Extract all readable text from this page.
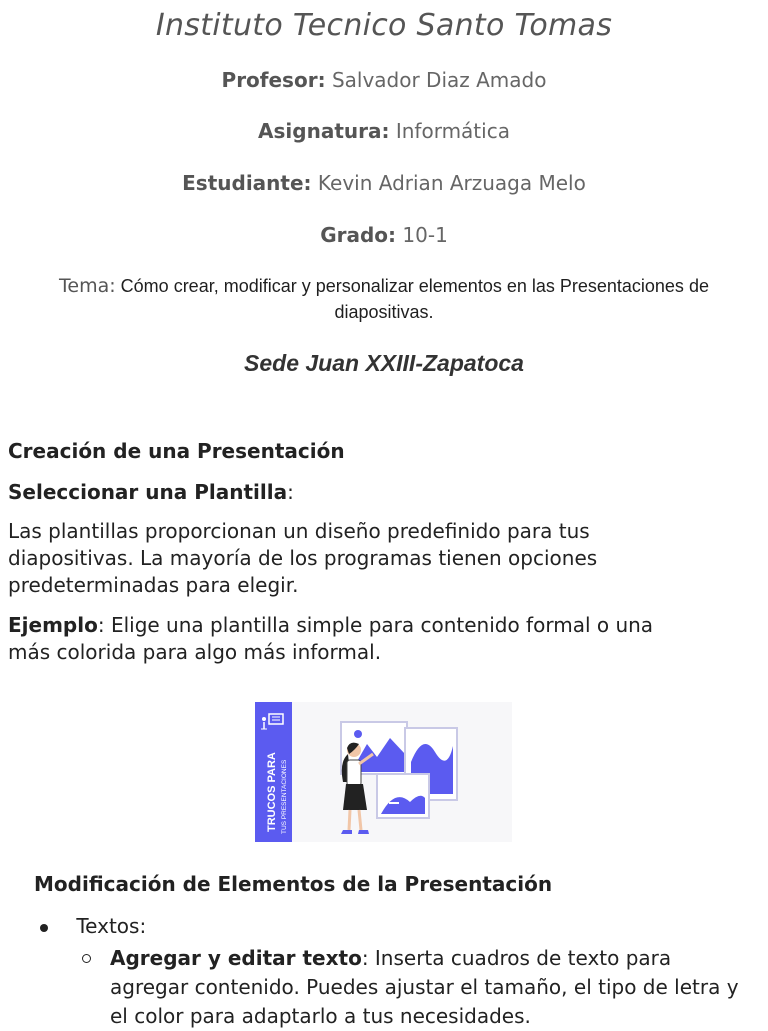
Instituto Tecnico Santo Tomas
Profesor: Salvador Diaz Amado
Asignatura: Informática
Estudiante: Kevin Adrian Arzuaga Melo
Grado: 10-1
Tema: Cómo crear, modificar y personalizar elementos en las Presentaciones de diapositivas.
Sede Juan XXIII-Zapatoca
Creación de una Presentación
Seleccionar una Plantilla:
Las plantillas proporcionan un diseño predefinido para tus diapositivas. La mayoría de los programas tienen opciones predeterminadas para elegir.
Ejemplo: Elige una plantilla simple para contenido formal o una más colorida para algo más informal.
TRUCOS PARA TUS PRESENTACIONES
Modificación de Elementos de la Presentación
Textos:
Agregar y editar texto: Inserta cuadros de texto para agregar contenido. Puedes ajustar el tamaño, el tipo de letra y el color para adaptarlo a tus necesidades.
